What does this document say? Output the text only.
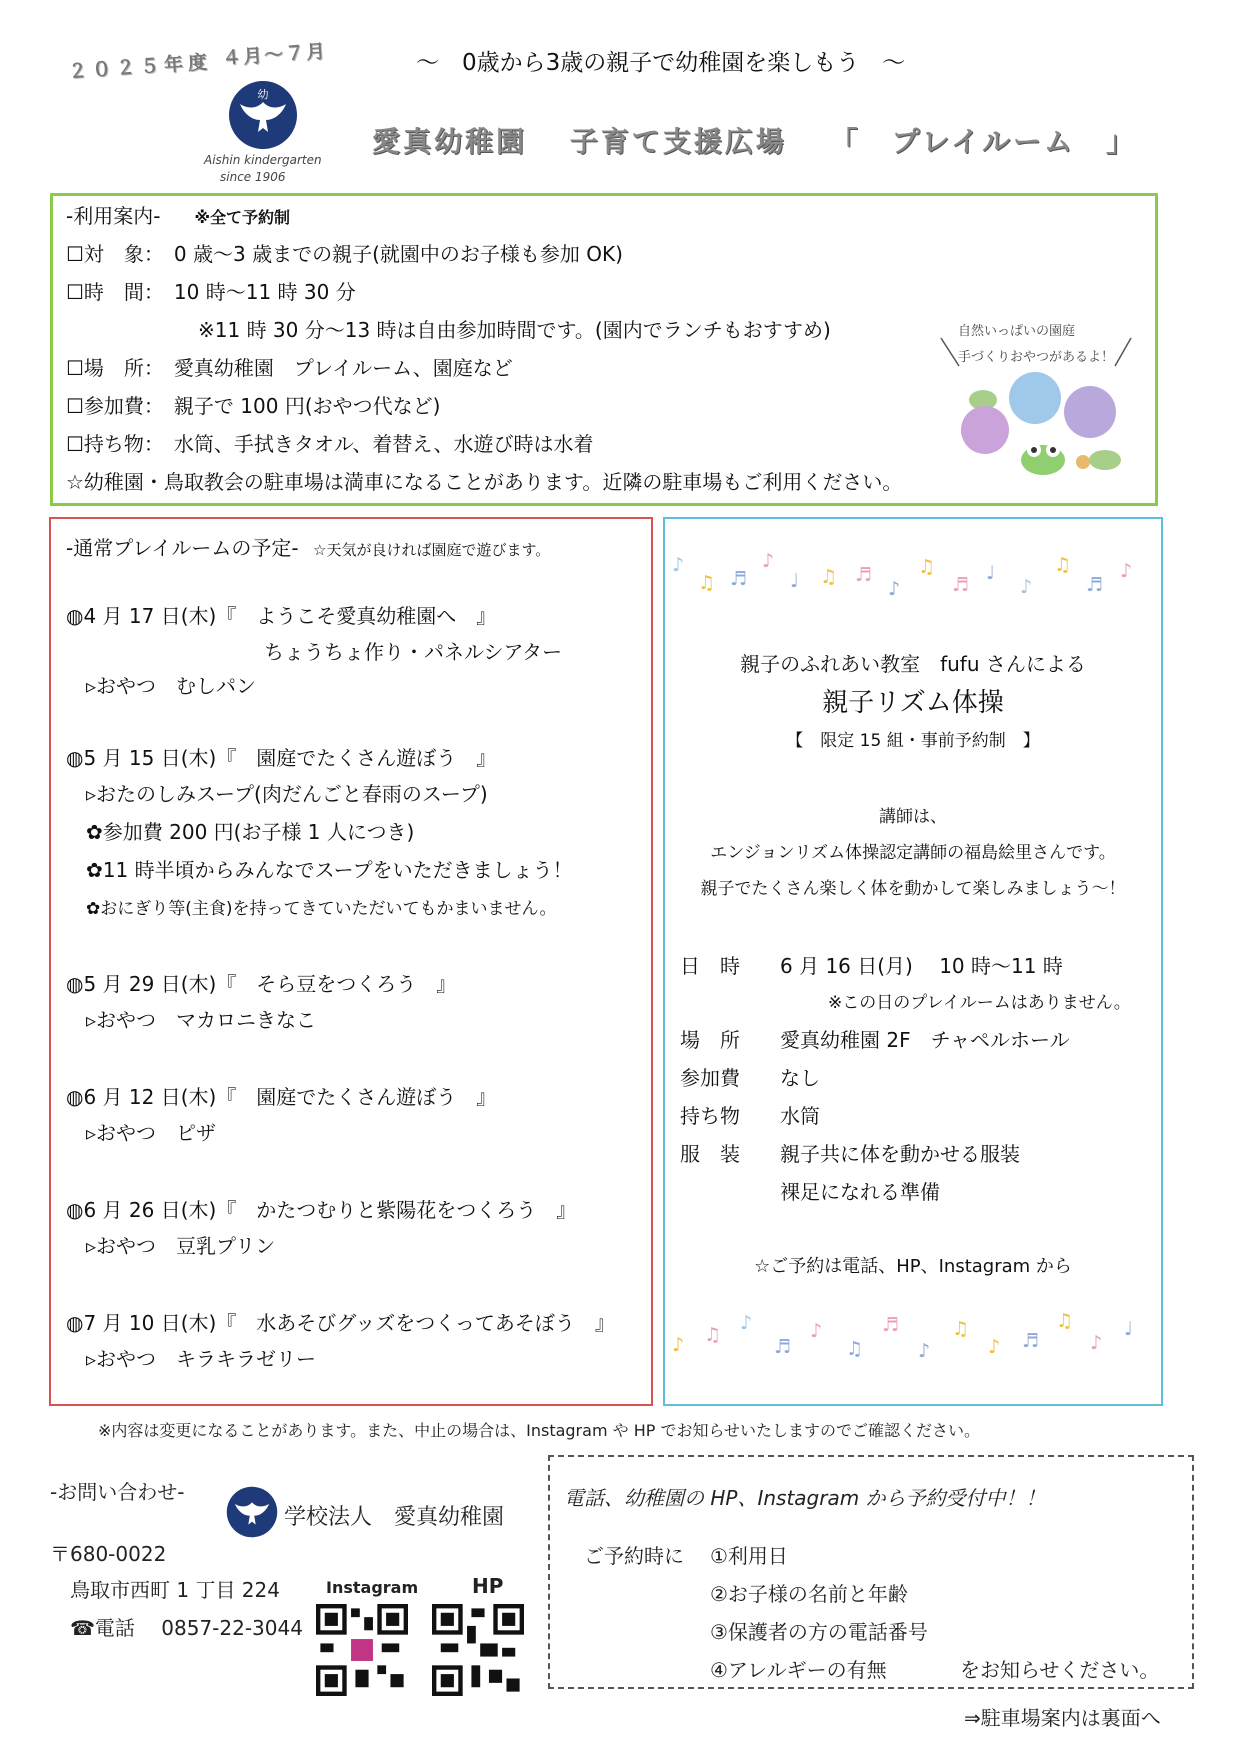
２０２５年度 ４月～７月
幼
Aishin kindergarten
since 1906
～　0歳から3歳の親子で幼稚園を楽しもう　～
愛真幼稚園 子育て支援広場 「　プレイルーム　」
-利用案内- ※全て予約制
☐対　象：　0 歳～3 歳までの親子(就園中のお子様も参加 OK)
☐時　間：　10 時～11 時 30 分
※11 時 30 分～13 時は自由参加時間です。(園内でランチもおすすめ)
☐場　所：　愛真幼稚園　プレイルーム、園庭など
☐参加費：　親子で 100 円(おやつ代など)
☐持ち物：　水筒、手拭きタオル、着替え、水遊び時は水着
☆幼稚園・鳥取教会の駐車場は満車になることがあります。近隣の駐車場もご利用ください。
自然いっぱいの園庭
手づくりおやつがあるよ！
-通常プレイルームの予定- ☆天気が良ければ園庭で遊びます。
◍4 月 17 日(木)『　ようこそ愛真幼稚園へ　』
ちょうちょ作り・パネルシアター
▹おやつ　むしパン
◍5 月 15 日(木)『　園庭でたくさん遊ぼう　』
▹おたのしみスープ(肉だんごと春雨のスープ)
✿参加費 200 円(お子様 1 人につき)
✿11 時半頃からみんなでスープをいただきましょう！
✿おにぎり等(主食)を持ってきていただいてもかまいません。
◍5 月 29 日(木)『　そら豆をつくろう　』
▹おやつ　マカロニきなこ
◍6 月 12 日(木)『　園庭でたくさん遊ぼう　』
▹おやつ　ピザ
◍6 月 26 日(木)『　かたつむりと紫陽花をつくろう　』
▹おやつ　豆乳プリン
◍7 月 10 日(木)『　水あそびグッズをつくってあそぼう　』
▹おやつ　キラキラゼリー
♪
♫ ♬
♪
♩ ♫ ♬
♪
♫
♬
♩
♪
♫
♬
♪
親子のふれあい教室　fufu さんによる
親子リズム体操
【　限定 15 組・事前予約制　】
講師は、
エンジョンリズム体操認定講師の福島絵里さんです。
親子でたくさん楽しく体を動かして楽しみましょう～！
日　時　　6 月 16 日(月)　 10 時～11 時
※この日のプレイルームはありません。
場　所　　愛真幼稚園 2F　チャペルホール
参加費　　なし
持ち物　　水筒
服　装　　親子共に体を動かせる服装
裸足になれる準備
☆ご予約は電話、HP、Instagram から
♪ ♫
♪
♬
♪
♫
♬
♪
♫
♪ ♬
♫
♪
♩
※内容は変更になることがあります。また、中止の場合は、Instagram や HP でお知らせいたしますのでご確認ください。
-お問い合わせ-
学校法人　愛真幼稚園
〒680-0022
鳥取市西町 1 丁目 224
☎電話　 0857-22-3044
Instagram	HP
電話、幼稚園の HP、Instagram から予約受付中！！
ご予約時に ①利用日
②お子様の名前と年齢
③保護者の方の電話番号
④アレルギーの有無	をお知らせください。
⇒駐車場案内は裏面へ
